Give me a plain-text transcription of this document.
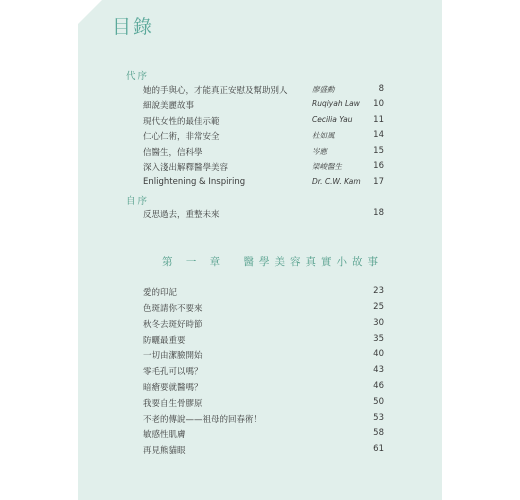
目錄
代序
她的手與心，才能真正安慰及幫助別人	廖盛勳	8
細說美麗故事	Ruqiyah Law 10
現代女性的最佳示範	Cecilia Yau 11
仁心仁術，非常安全	杜如風	14
信醫生，信科學	岑應	15
深入淺出解釋醫學美容	梁峻醫生	16
Enlightening & Inspiring	Dr. C.W. Kam 17
自序
反思過去，重整未來	18
第 一 章 醫學美容真實小故事
愛的印記	23
色斑請你不要來	25
秋冬去斑好時節	30
防曬最重要	35
一切由潔臉開始	40
零毛孔可以嗎？	43
暗瘡要就醫嗎？	46
我要自生骨膠原	50
不老的傳說——祖母的回春術！	53
敏感性肌膚	58
再見熊貓眼	61
